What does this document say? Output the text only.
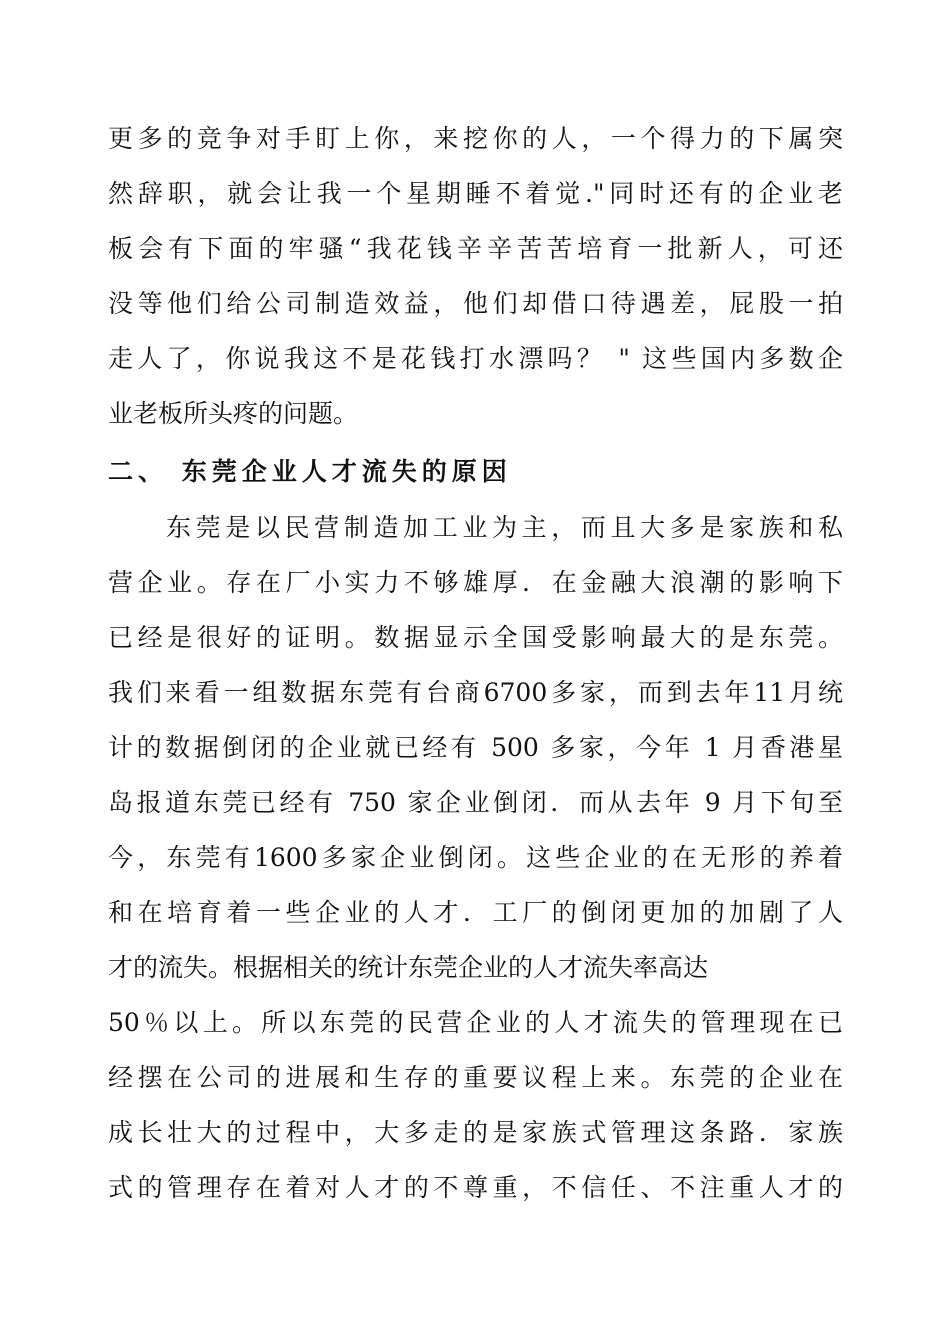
更多的竞争对手盯上你，来挖你的人，一个得力的下属突
然辞职，就会让我一个星期睡不着觉."同时还有的企业老
板会有下面的牢骚“我花钱辛辛苦苦培育一批新人，可还
没等他们给公司制造效益，他们却借口待遇差，屁股一拍
走人了，你说我这不是花钱打水漂吗？ " 这些国内多数企
业老板所头疼的问题。
二、 东莞企业人才流失的原因
东莞是以民营制造加工业为主，而且大多是家族和私
营企业。存在厂小实力不够雄厚．在金融大浪潮的影响下
已经是很好的证明。数据显示全国受影响最大的是东莞。
我们来看一组数据东莞有台商6700多家，而到去年11月统
计的数据倒闭的企业就已经有 500 多家，今年 1 月香港星
岛报道东莞已经有 750 家企业倒闭．而从去年 9 月下旬至
今，东莞有1600多家企业倒闭。这些企业的在无形的养着
和在培育着一些企业的人才．工厂的倒闭更加的加剧了人
才的流失。根据相关的统计东莞企业的人才流失率高达
50％以上。所以东莞的民营企业的人才流失的管理现在已
经摆在公司的进展和生存的重要议程上来。东莞的企业在
成长壮大的过程中，大多走的是家族式管理这条路．家族
式的管理存在着对人才的不尊重，不信任、不注重人才的
